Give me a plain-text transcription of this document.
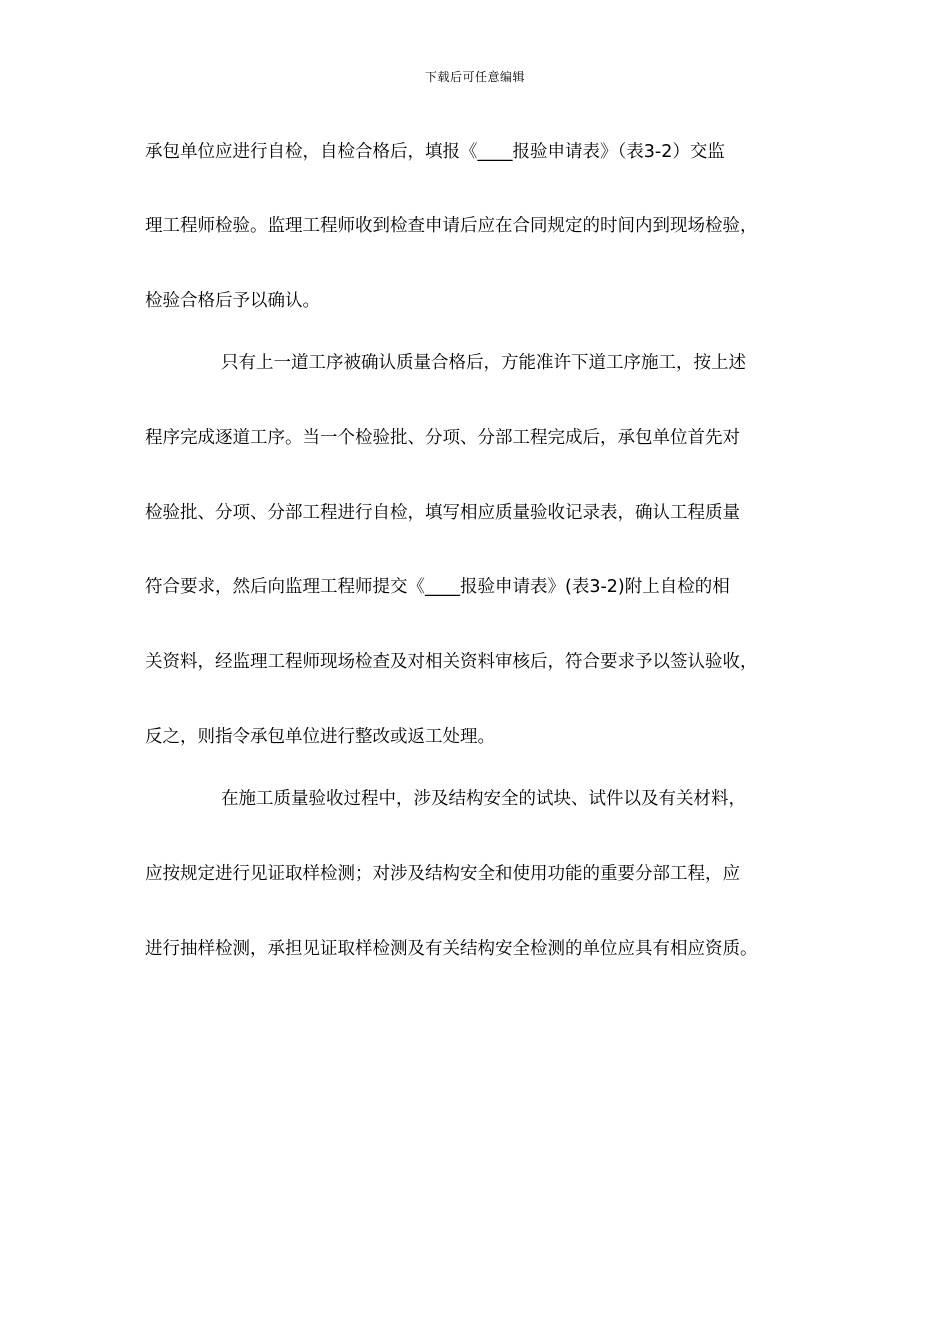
下载后可任意编辑
承包单位应进行自检，自检合格后，填报《____报验申请表》（表3-2）交监
理工程师检验。监理工程师收到检查申请后应在合同规定的时间内到现场检验，
检验合格后予以确认。
只有上一道工序被确认质量合格后，方能准许下道工序施工，按上述
程序完成逐道工序。当一个检验批、分项、分部工程完成后，承包单位首先对
检验批、分项、分部工程进行自检，填写相应质量验收记录表，确认工程质量
符合要求，然后向监理工程师提交《____报验申请表》(表3-2)附上自检的相
关资料，经监理工程师现场检查及对相关资料审核后，符合要求予以签认验收，
反之，则指令承包单位进行整改或返工处理。
在施工质量验收过程中，涉及结构安全的试块、试件以及有关材料，
应按规定进行见证取样检测；对涉及结构安全和使用功能的重要分部工程，应
进行抽样检测，承担见证取样检测及有关结构安全检测的单位应具有相应资质。
